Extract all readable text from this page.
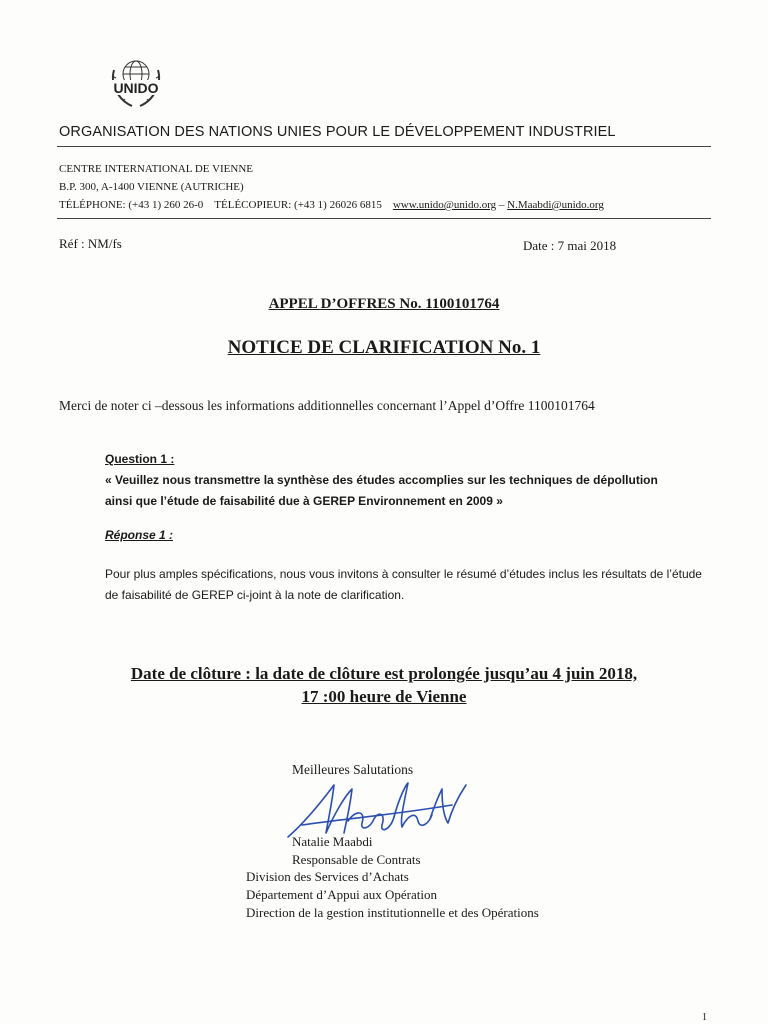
UNIDO
ORGANISATION DES NATIONS UNIES POUR LE DÉVELOPPEMENT INDUSTRIEL
CENTRE INTERNATIONAL DE VIENNE
B.P. 300, A-1400 VIENNE (AUTRICHE)
TÉLÉPHONE: (+43 1) 260 26-0 TÉLÉCOPIEUR: (+43 1) 26026 6815 www.unido@unido.org – N.Maabdi@unido.org
Réf : NM/fs	Date : 7 mai 2018
APPEL D’OFFRES No. 1100101764
NOTICE DE CLARIFICATION No. 1
Merci de noter ci –dessous les informations additionnelles concernant l’Appel d’Offre 1100101764
Question 1 :
« Veuillez nous transmettre la synthèse des études accomplies sur les techniques de dépollution ainsi que l’étude de faisabilité due à GEREP Environnement en 2009 »
Réponse 1 :
Pour plus amples spécifications, nous vous invitons à consulter le résumé d’études inclus les résultats de l’étude de faisabilité de GEREP ci-joint à la note de clarification.
Date de clôture : la date de clôture est prolongée jusqu’au 4 juin 2018,
17 :00 heure de Vienne
Meilleures Salutations
Natalie Maabdi
Responsable de Contrats
Division des Services d’Achats
Département d’Appui aux Opération
Direction de la gestion institutionnelle et des Opérations
1
